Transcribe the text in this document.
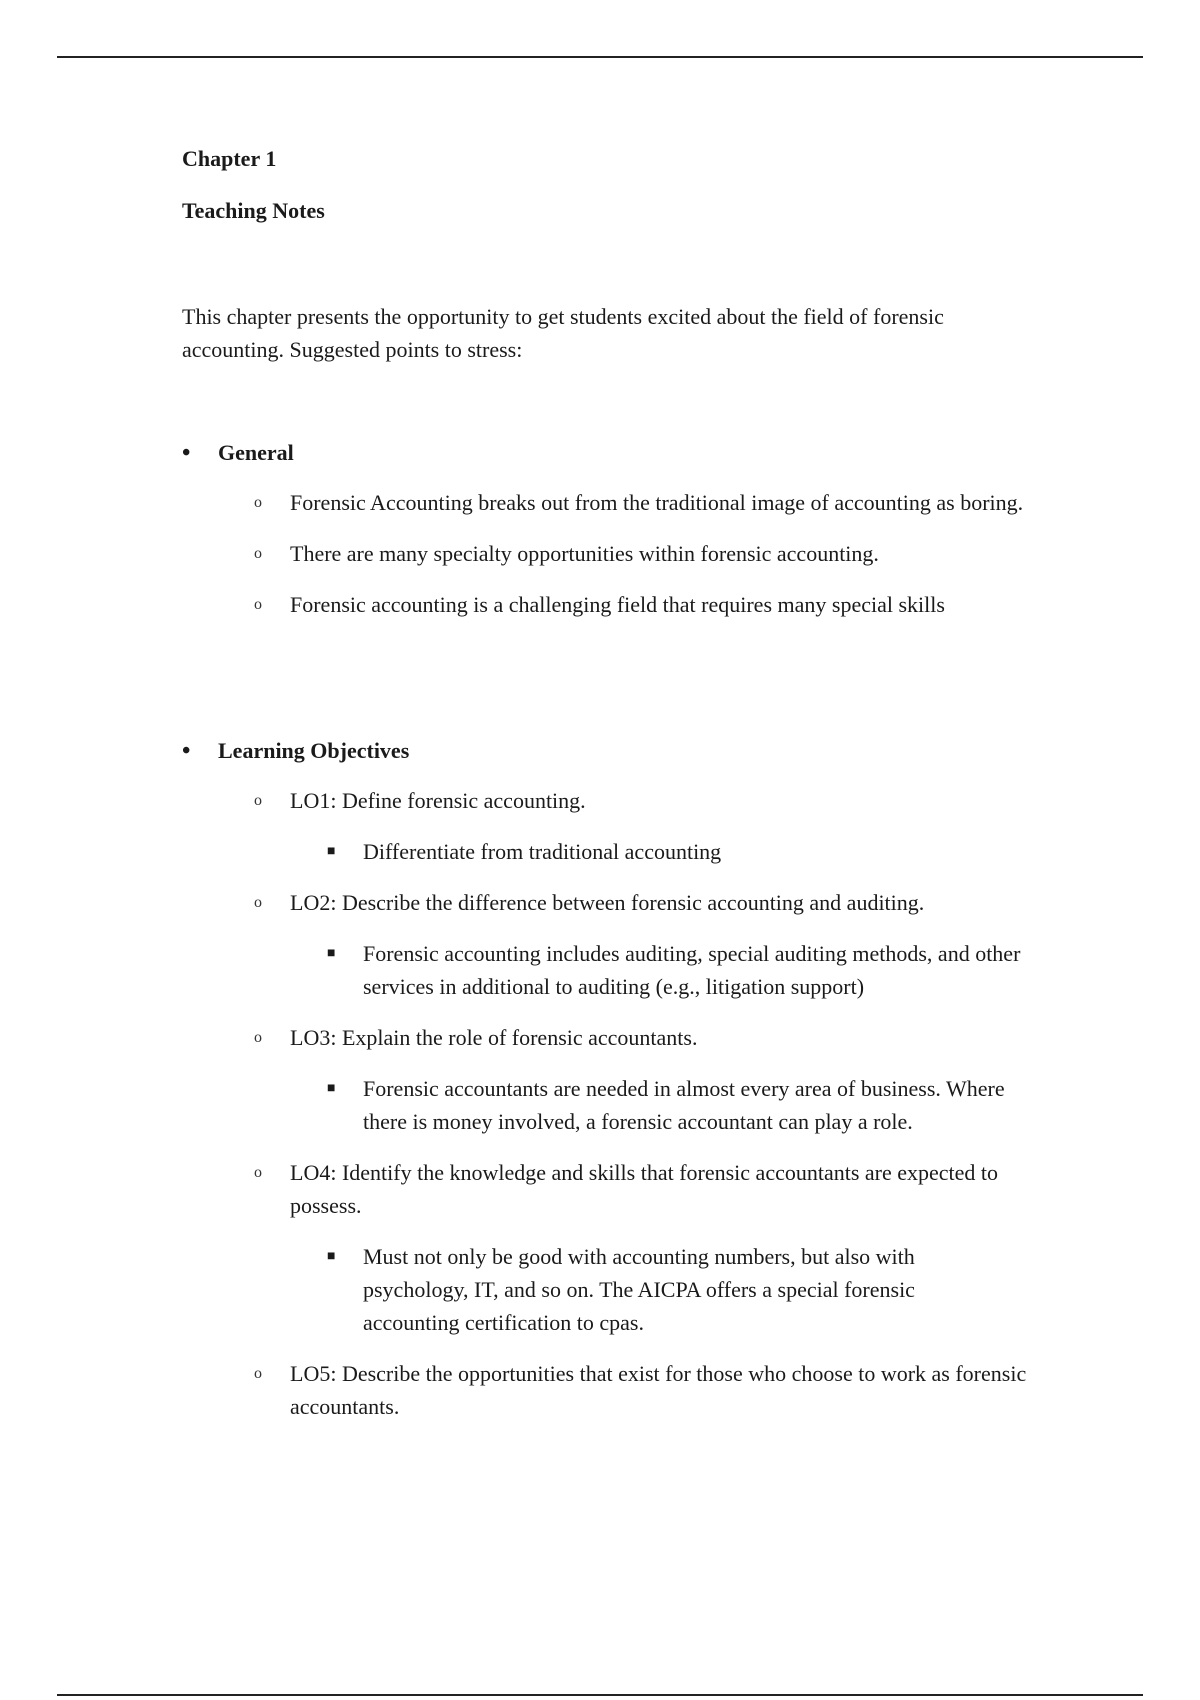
Chapter 1
Teaching Notes
This chapter presents the opportunity to get students excited about the field of forensic accounting. Suggested points to stress:
•	General
o Forensic Accounting breaks out from the traditional image of accounting as boring.
o There are many specialty opportunities within forensic accounting.
o Forensic accounting is a challenging field that requires many special skills
•	Learning Objectives
o LO1: Define forensic accounting.
■ Differentiate from traditional accounting
o LO2: Describe the difference between forensic accounting and auditing.
■ Forensic accounting includes auditing, special auditing methods, and other services in additional to auditing (e.g., litigation support)
o LO3: Explain the role of forensic accountants.
■ Forensic accountants are needed in almost every area of business. Where there is money involved, a forensic accountant can play a role.
o LO4: Identify the knowledge and skills that forensic accountants are expected to possess.
■ Must not only be good with accounting numbers, but also with psychology, IT, and so on. The AICPA offers a special forensic accounting certification to cpas.
o LO5: Describe the opportunities that exist for those who choose to work as forensic accountants.
